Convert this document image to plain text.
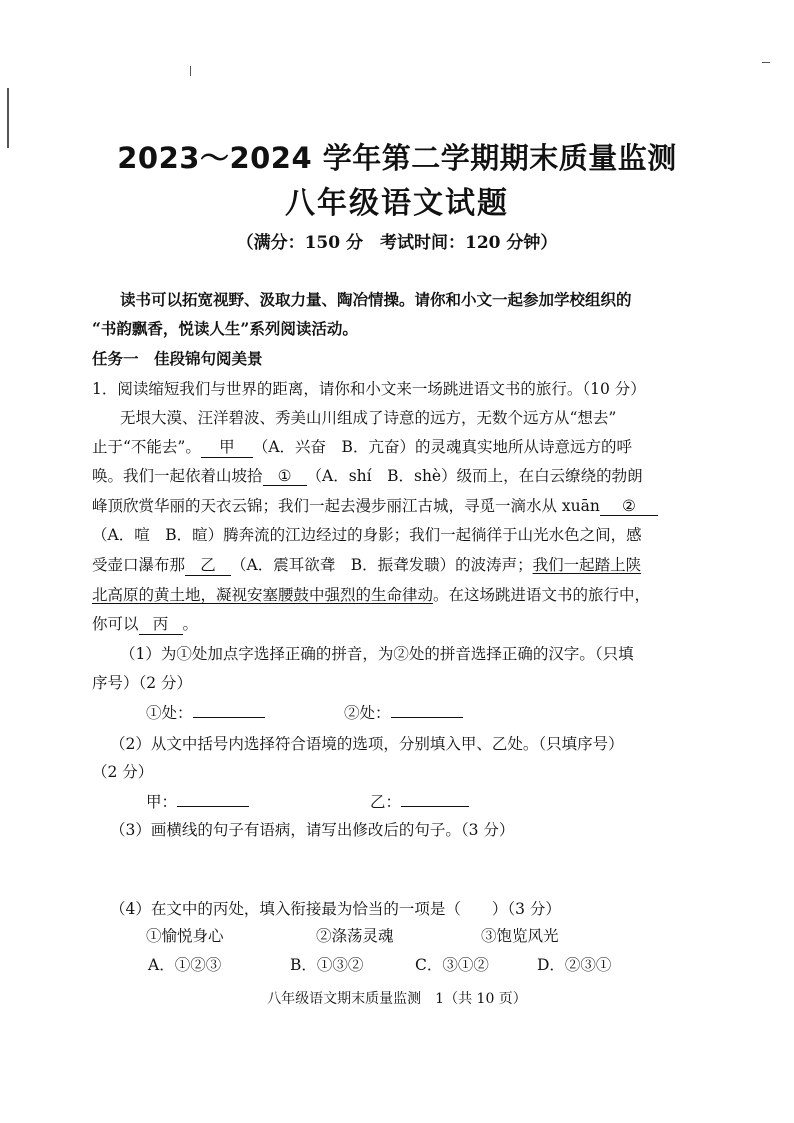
2023～2024 学年第二学期期末质量监测
八年级语文试题
（满分：150 分　考试时间：120 分钟）
读书可以拓宽视野、汲取力量、陶冶情操。请你和小文一起参加学校组织的
“书韵飘香，悦读人生”系列阅读活动。
任务一　佳段锦句阅美景
1．阅读缩短我们与世界的距离，请你和小文来一场跳进语文书的旅行。（10 分）
无垠大漠、汪洋碧波、秀美山川组成了诗意的远方，无数个远方从“想去”
止于“不能去”。 甲 （A．兴奋　B．亢奋）的灵魂真实地所从诗意远方的呼
唤。我们一起依着山坡拾 ① （A．shí　B．shè）级而上，在白云缭绕的勃朗
峰顶欣赏华丽的天衣云锦；我们一起去漫步丽江古城，寻觅一滴水从 xuān ②
（A．喧　B．暄）腾奔流的江边经过的身影；我们一起徜徉于山光水色之间，感
受壶口瀑布那 乙 （A．震耳欲聋　B．振聋发聩）的波涛声；我们一起踏上陕
北高原的黄土地，凝视安塞腰鼓中强烈的生命律动。在这场跳进语文书的旅行中，
你可以 丙 。
（1）为①处加点字选择正确的拼音，为②处的拼音选择正确的汉字。（只填
序号）（2 分）
①处：	②处：
（2）从文中括号内选择符合语境的选项，分别填入甲、乙处。（只填序号）
（2 分）
甲：	乙：
（3）画横线的句子有语病，请写出修改后的句子。（3 分）
（4）在文中的丙处，填入衔接最为恰当的一项是（　　）（3 分）
①愉悦身心	②涤荡灵魂	③饱览风光
A．①②③	B．①③②	C．③①②	D．②③①
八年级语文期末质量监测　1（共 10 页）
